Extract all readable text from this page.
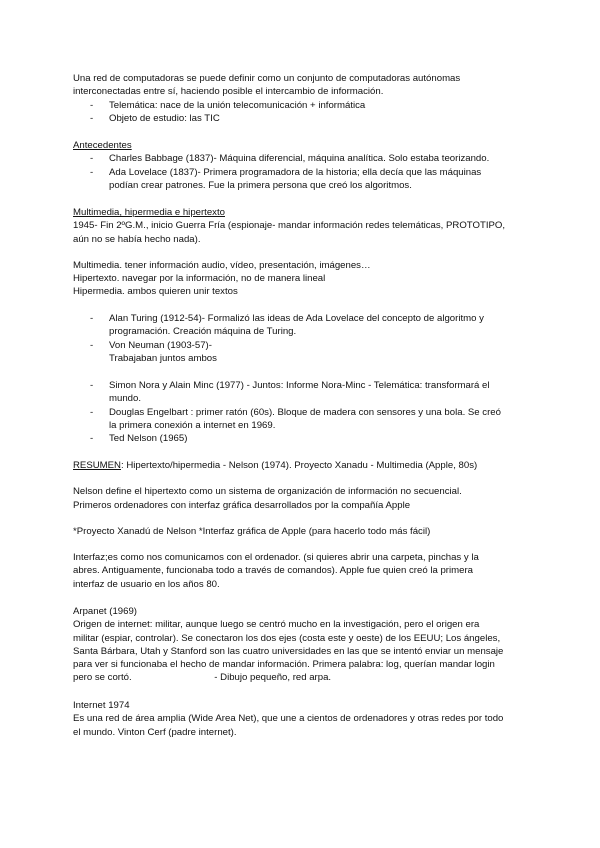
Una red de computadoras se puede definir como un conjunto de computadoras autónomas

interconectadas entre sí, haciendo posible el intercambio de información.

- Telemática: nace de la unión telecomunicación + informática
- Objeto de estudio: las TIC

Antecedentes

- Charles Babbage (1837)- Máquina diferencial, máquina analítica. Solo estaba teorizando.
- Ada Lovelace (1837)- Primera programadora de la historia; ella decía que las máquinas
podían crear patrones. Fue la primera persona que creó los algoritmos.

Multimedia, hipermedia e hipertexto

1945- Fin 2ºG.M., inicio Guerra Fría (espionaje- mandar información redes telemáticas, PROTOTIPO,

aún no se había hecho nada).

Multimedia. tener información audio, vídeo, presentación, imágenes…

Hipertexto. navegar por la información, no de manera lineal

Hipermedia. ambos quieren unir textos

- Alan Turing (1912-54)- Formalizó las ideas de Ada Lovelace del concepto de algoritmo y
programación. Creación máquina de Turing.
- Von Neuman (1903-57)-
Trabajaban juntos ambos
- Simon Nora y Alain Minc (1977) - Juntos: Informe Nora-Minc - Telemática: transformará el
mundo.
- Douglas Engelbart : primer ratón (60s). Bloque de madera con sensores y una bola. Se creó
la primera conexión a internet en 1969.
- Ted Nelson (1965)

RESUMEN: Hipertexto/hipermedia - Nelson (1974). Proyecto Xanadu - Multimedia (Apple, 80s)

Nelson define el hipertexto como un sistema de organización de información no secuencial.

Primeros ordenadores con interfaz gráfica desarrollados por la compañía Apple

*Proyecto Xanadú de Nelson *Interfaz gráfica de Apple (para hacerlo todo más fácil)

Interfaz;es como nos comunicamos con el ordenador. (si quieres abrir una carpeta, pinchas y la

abres. Antiguamente, funcionaba todo a través de comandos). Apple fue quien creó la primera

interfaz de usuario en los años 80.

Arpanet (1969)

Origen de internet: militar, aunque luego se centró mucho en la investigación, pero el origen era

militar (espiar, controlar). Se conectaron los dos ejes (costa este y oeste) de los EEUU; Los ángeles,

Santa Bárbara, Utah y Stanford son las cuatro universidades en las que se intentó enviar un mensaje

para ver si funcionaba el hecho de mandar información. Primera palabra: log, querían mandar login

pero se cortó.                               - Dibujo pequeño, red arpa.

Internet 1974

Es una red de área amplia (Wide Area Net), que une a cientos de ordenadores y otras redes por todo

el mundo. Vinton Cerf (padre internet).
